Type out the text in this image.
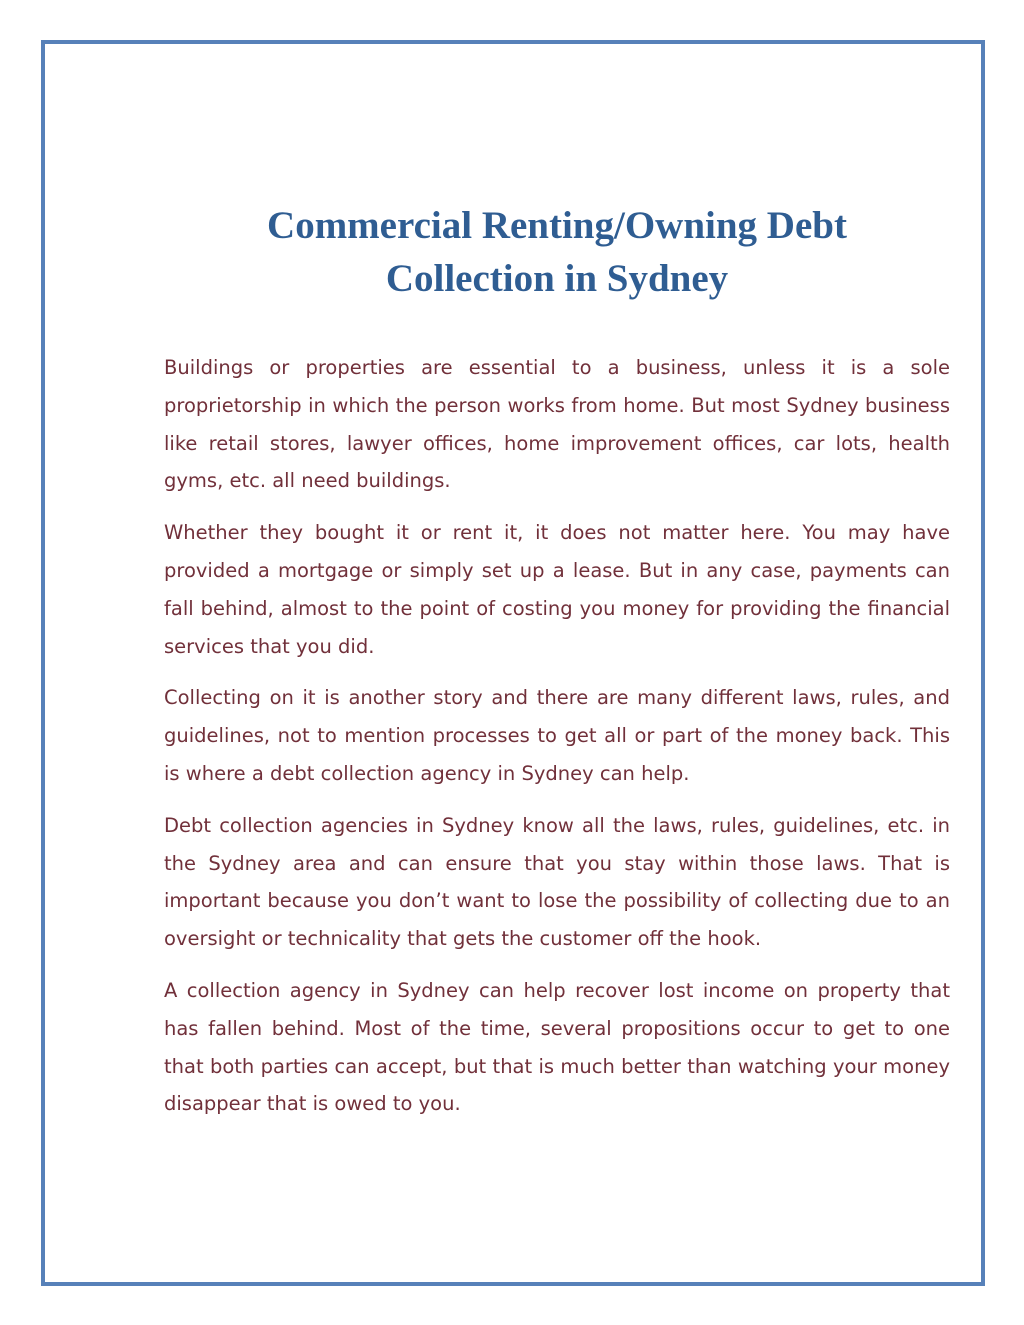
Commercial Renting/Owning Debt
Collection in Sydney

Buildings or properties are essential to a business, unless it is a sole proprietorship in which the person works from home. But most Sydney business like retail stores, lawyer offices, home improvement offices, car lots, health gyms, etc. all need buildings.

Whether they bought it or rent it, it does not matter here. You may have provided a mortgage or simply set up a lease. But in any case, payments can fall behind, almost to the point of costing you money for providing the financial services that you did.

Collecting on it is another story and there are many different laws, rules, and guidelines, not to mention processes to get all or part of the money back. This is where a debt collection agency in Sydney can help.

Debt collection agencies in Sydney know all the laws, rules, guidelines, etc. in the Sydney area and can ensure that you stay within those laws. That is important because you don’t want to lose the possibility of collecting due to an oversight or technicality that gets the customer off the hook.

A collection agency in Sydney can help recover lost income on property that has fallen behind. Most of the time, several propositions occur to get to one that both parties can accept, but that is much better than watching your money disappear that is owed to you.
